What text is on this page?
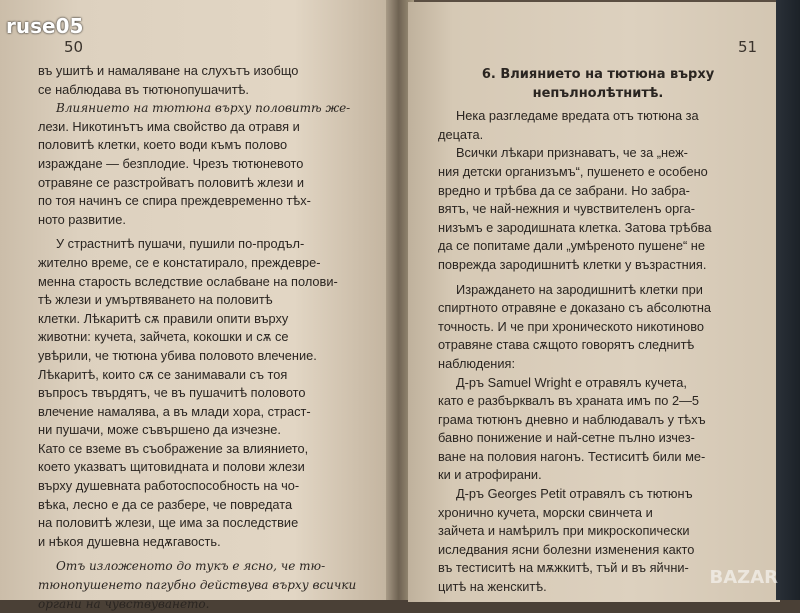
50

въ ушитѣ и намаляване на слухътъ изобщо

се наблюдава въ тютюнопушачитѣ.

Влиянието на тютюна върху половитѣ же-

лези. Никотинътъ има свойство да отравя и

половитѣ клетки, което води къмъ полово

израждане — безплодие. Чрезъ тютюневото

отравяне се разстройватъ половитѣ жлези и

по тоя начинъ се спира преждевременно тѣх-

ното развитие.

У страстнитѣ пушачи, пушили по-продъл-

жително време, се е констатирало, преждевре-

менна старость вследствие ослабване на полови-

тѣ жлези и умъртвяването на половитѣ

клетки. Лѣкаритѣ сѫ правили опити върху

животни: кучета, зайчета, кокошки и сѫ се

увѣрили, че тютюна убива половото влечение.

Лѣкаритѣ, които сѫ се занимавали съ тоя

въпросъ твърдятъ, че въ пушачитѣ половото

влечение намалява, а въ млади хора, страст-

ни пушачи, може съвършено да изчезне.

Като се вземе въ съображение за влиянието,

което указватъ щитовидната и полови жлези

върху душевната работоспособность на чо-

вѣка, лесно е да се разбере, че повредата

на половитѣ жлези, ще има за последствие

и нѣкоя душевна недѫгавость.

Отъ изложеното до тукъ е ясно, че тю-

тюнопушенето пагубно действува върху всички

органи на чувствуването.

51

6. Влиянието на тютюна върху

непълнолѣтнитѣ.

Нека разгледаме вредата отъ тютюна за

децата.

Всички лѣкари признаватъ, че за „неж-

ния детски организъмъ“, пушенето е особено

вредно и трѣбва да се забрани. Но забра-

вятъ, че най-нежния и чувствителенъ орга-

низъмъ е зародишната клетка. Затова трѣбва

да се попитаме дали „умѣреното пушене“ не

поврежда зародишнитѣ клетки у възрастния.

Израждането на зародишнитѣ клетки при

спиртното отравяне е доказано съ абсолютна

точность. И че при хроническото никотиново

отравяне става сѫщото говорятъ следнитѣ

наблюдения:

Д-ръ Samuel Wright е отравялъ кучета,

като е разбърквалъ въ храната имъ по 2—5

грама тютюнъ дневно и наблюдавалъ у тѣхъ

бавно понижение и най-сетне пълно изчез-

ване на половия нагонъ. Тестиситѣ били ме-

ки и атрофирани.

Д-ръ Georges Petit отравялъ съ тютюнъ

хронично кучета, морски свинчета и

зайчета и намѣрилъ при микроскопически

иследвания ясни болезни изменения както

въ тестиситѣ на мѫжкитѣ, тъй и въ яйчни-

цитѣ на женскитѣ.

ruse05
BAZAR
